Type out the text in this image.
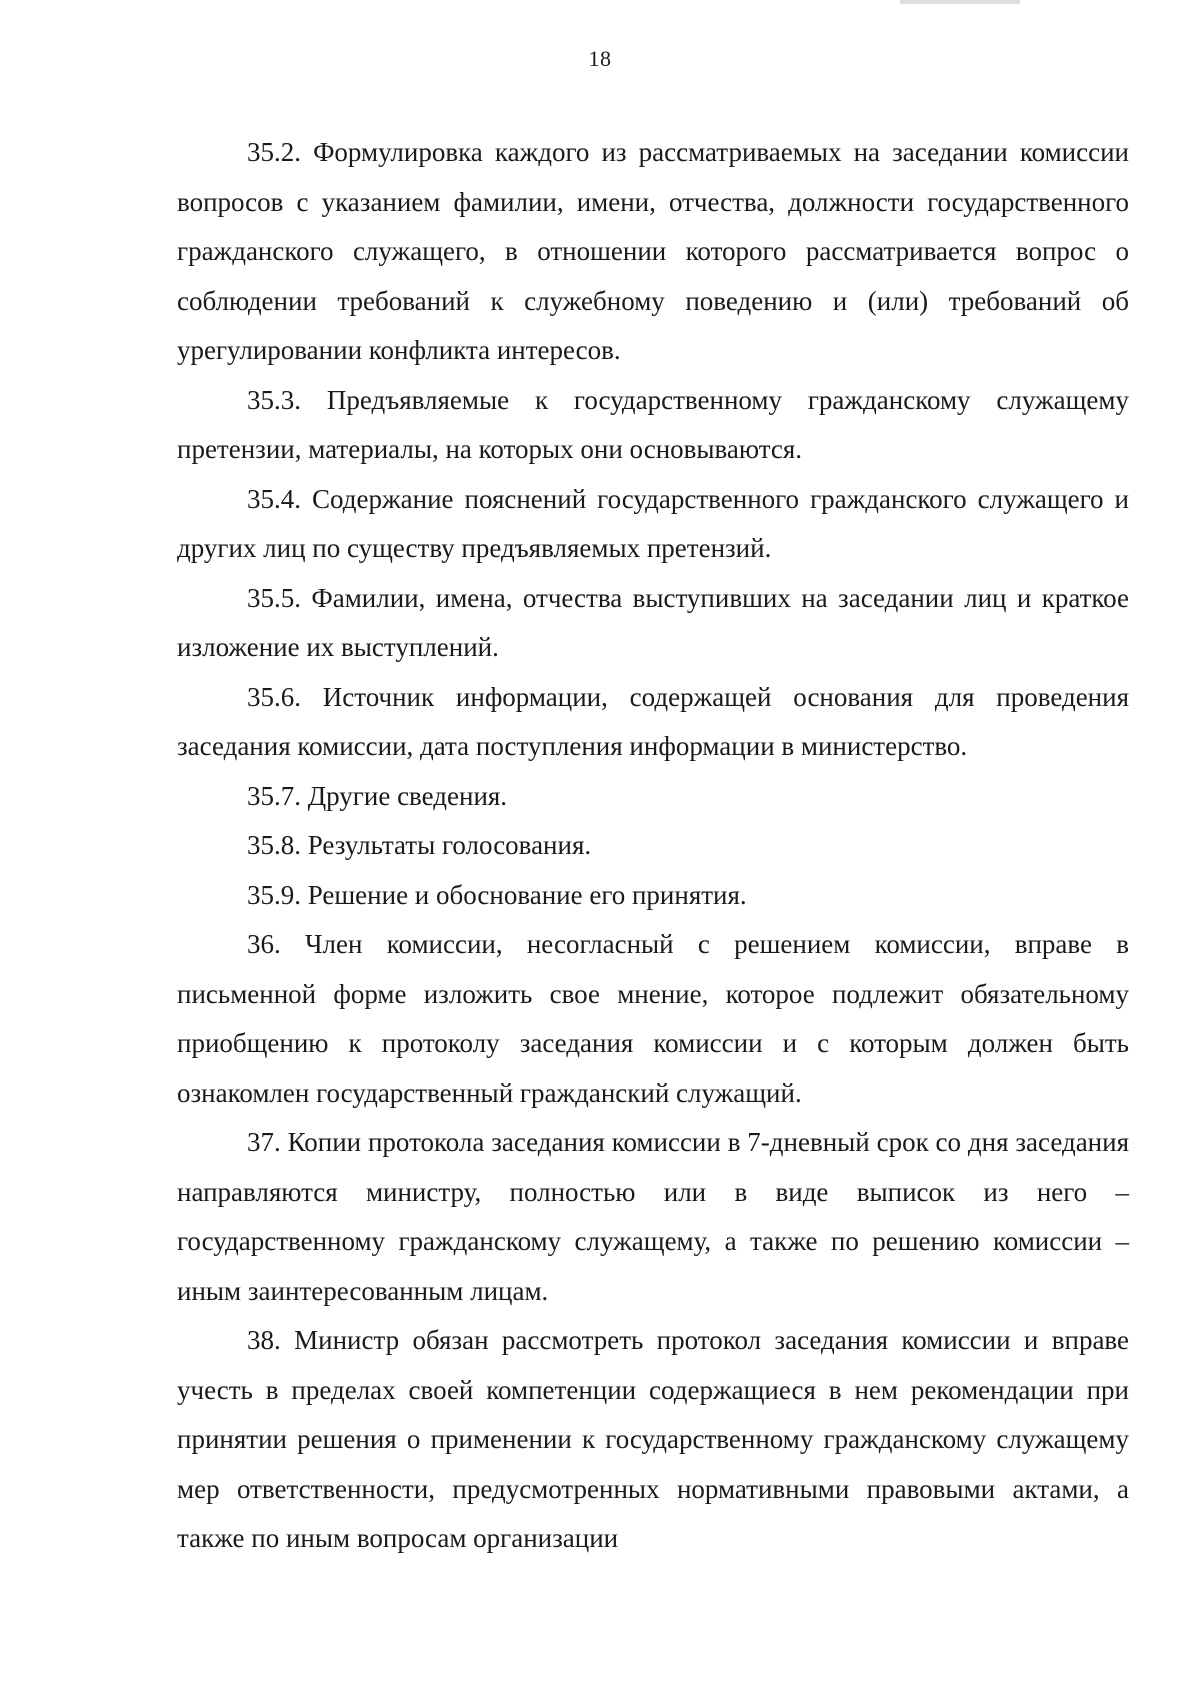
18

35.2. Формулировка каждого из рассматриваемых на заседании комиссии вопросов с указанием фамилии, имени, отчества, должности государственного гражданского служащего, в отношении которого рассматривается вопрос о соблюдении требований к служебному поведению и (или) требований об урегулировании конфликта интересов.

35.3. Предъявляемые к государственному гражданскому служащему претензии, материалы, на которых они основываются.

35.4. Содержание пояснений государственного гражданского служащего и других лиц по существу предъявляемых претензий.

35.5. Фамилии, имена, отчества выступивших на заседании лиц и краткое изложение их выступлений.

35.6. Источник информации, содержащей основания для проведения заседания комиссии, дата поступления информации в министерство.

35.7. Другие сведения.

35.8. Результаты голосования.

35.9. Решение и обоснование его принятия.

36. Член комиссии, несогласный с решением комиссии, вправе в письменной форме изложить свое мнение, которое подлежит обязательному приобщению к протоколу заседания комиссии и с которым должен быть ознакомлен государственный гражданский служащий.

37. Копии протокола заседания комиссии в 7-дневный срок со дня заседания направляются министру, полностью или в виде выписок из него – государственному гражданскому служащему, а также по решению комиссии – иным заинтересованным лицам.

38. Министр обязан рассмотреть протокол заседания комиссии и вправе учесть в пределах своей компетенции содержащиеся в нем рекомендации при принятии решения о применении к государственному гражданскому служащему мер ответственности, предусмотренных нормативными правовыми актами, а также по иным вопросам организации
